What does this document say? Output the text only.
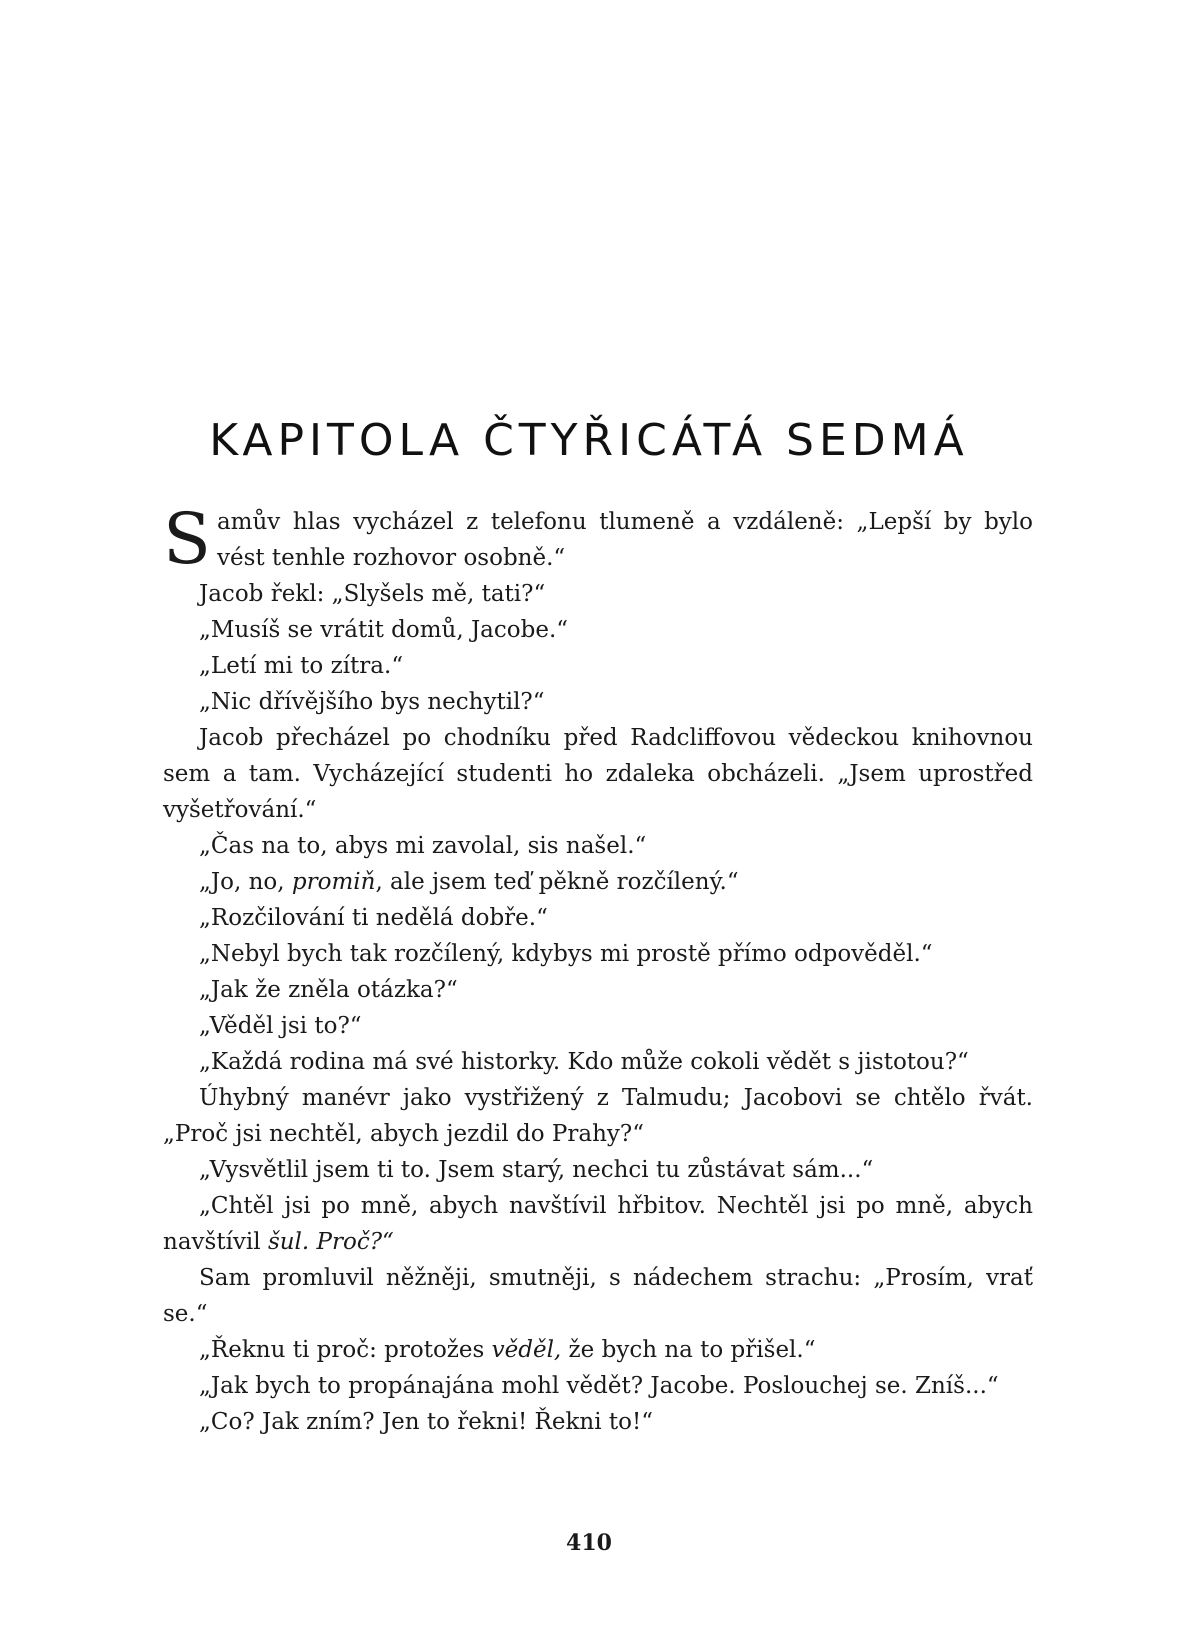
KAPITOLA ČTYŘICÁTÁ SEDMÁ

Samův hlas vycházel z telefonu tlumeně a vzdáleně: „Lepší by bylo vést tenhle rozhovor osobně.“

Jacob řekl: „Slyšels mě, tati?“

„Musíš se vrátit domů, Jacobe.“

„Letí mi to zítra.“

„Nic dřívějšího bys nechytil?“

Jacob přecházel po chodníku před Radcliffovou vědeckou knihovnou sem a tam. Vycházející studenti ho zdaleka obcházeli. „Jsem uprostřed vyšetřování.“

„Čas na to, abys mi zavolal, sis našel.“

„Jo, no, promiň, ale jsem teď pěkně rozčílený.“

„Rozčilování ti nedělá dobře.“

„Nebyl bych tak rozčílený, kdybys mi prostě přímo odpověděl.“

„Jak že zněla otázka?“

„Věděl jsi to?“

„Každá rodina má své historky. Kdo může cokoli vědět s jistotou?“

Úhybný manévr jako vystřižený z Talmudu; Jacobovi se chtělo řvát. „Proč jsi nechtěl, abych jezdil do Prahy?“

„Vysvětlil jsem ti to. Jsem starý, nechci tu zůstávat sám...“

„Chtěl jsi po mně, abych navštívil hřbitov. Nechtěl jsi po mně, abych navštívil šul. Proč?“

Sam promluvil něžněji, smutněji, s nádechem strachu: „Prosím, vrať se.“

„Řeknu ti proč: protožes věděl, že bych na to přišel.“

„Jak bych to propánajána mohl vědět? Jacobe. Poslouchej se. Zníš...“

„Co? Jak zním? Jen to řekni! Řekni to!“

410
